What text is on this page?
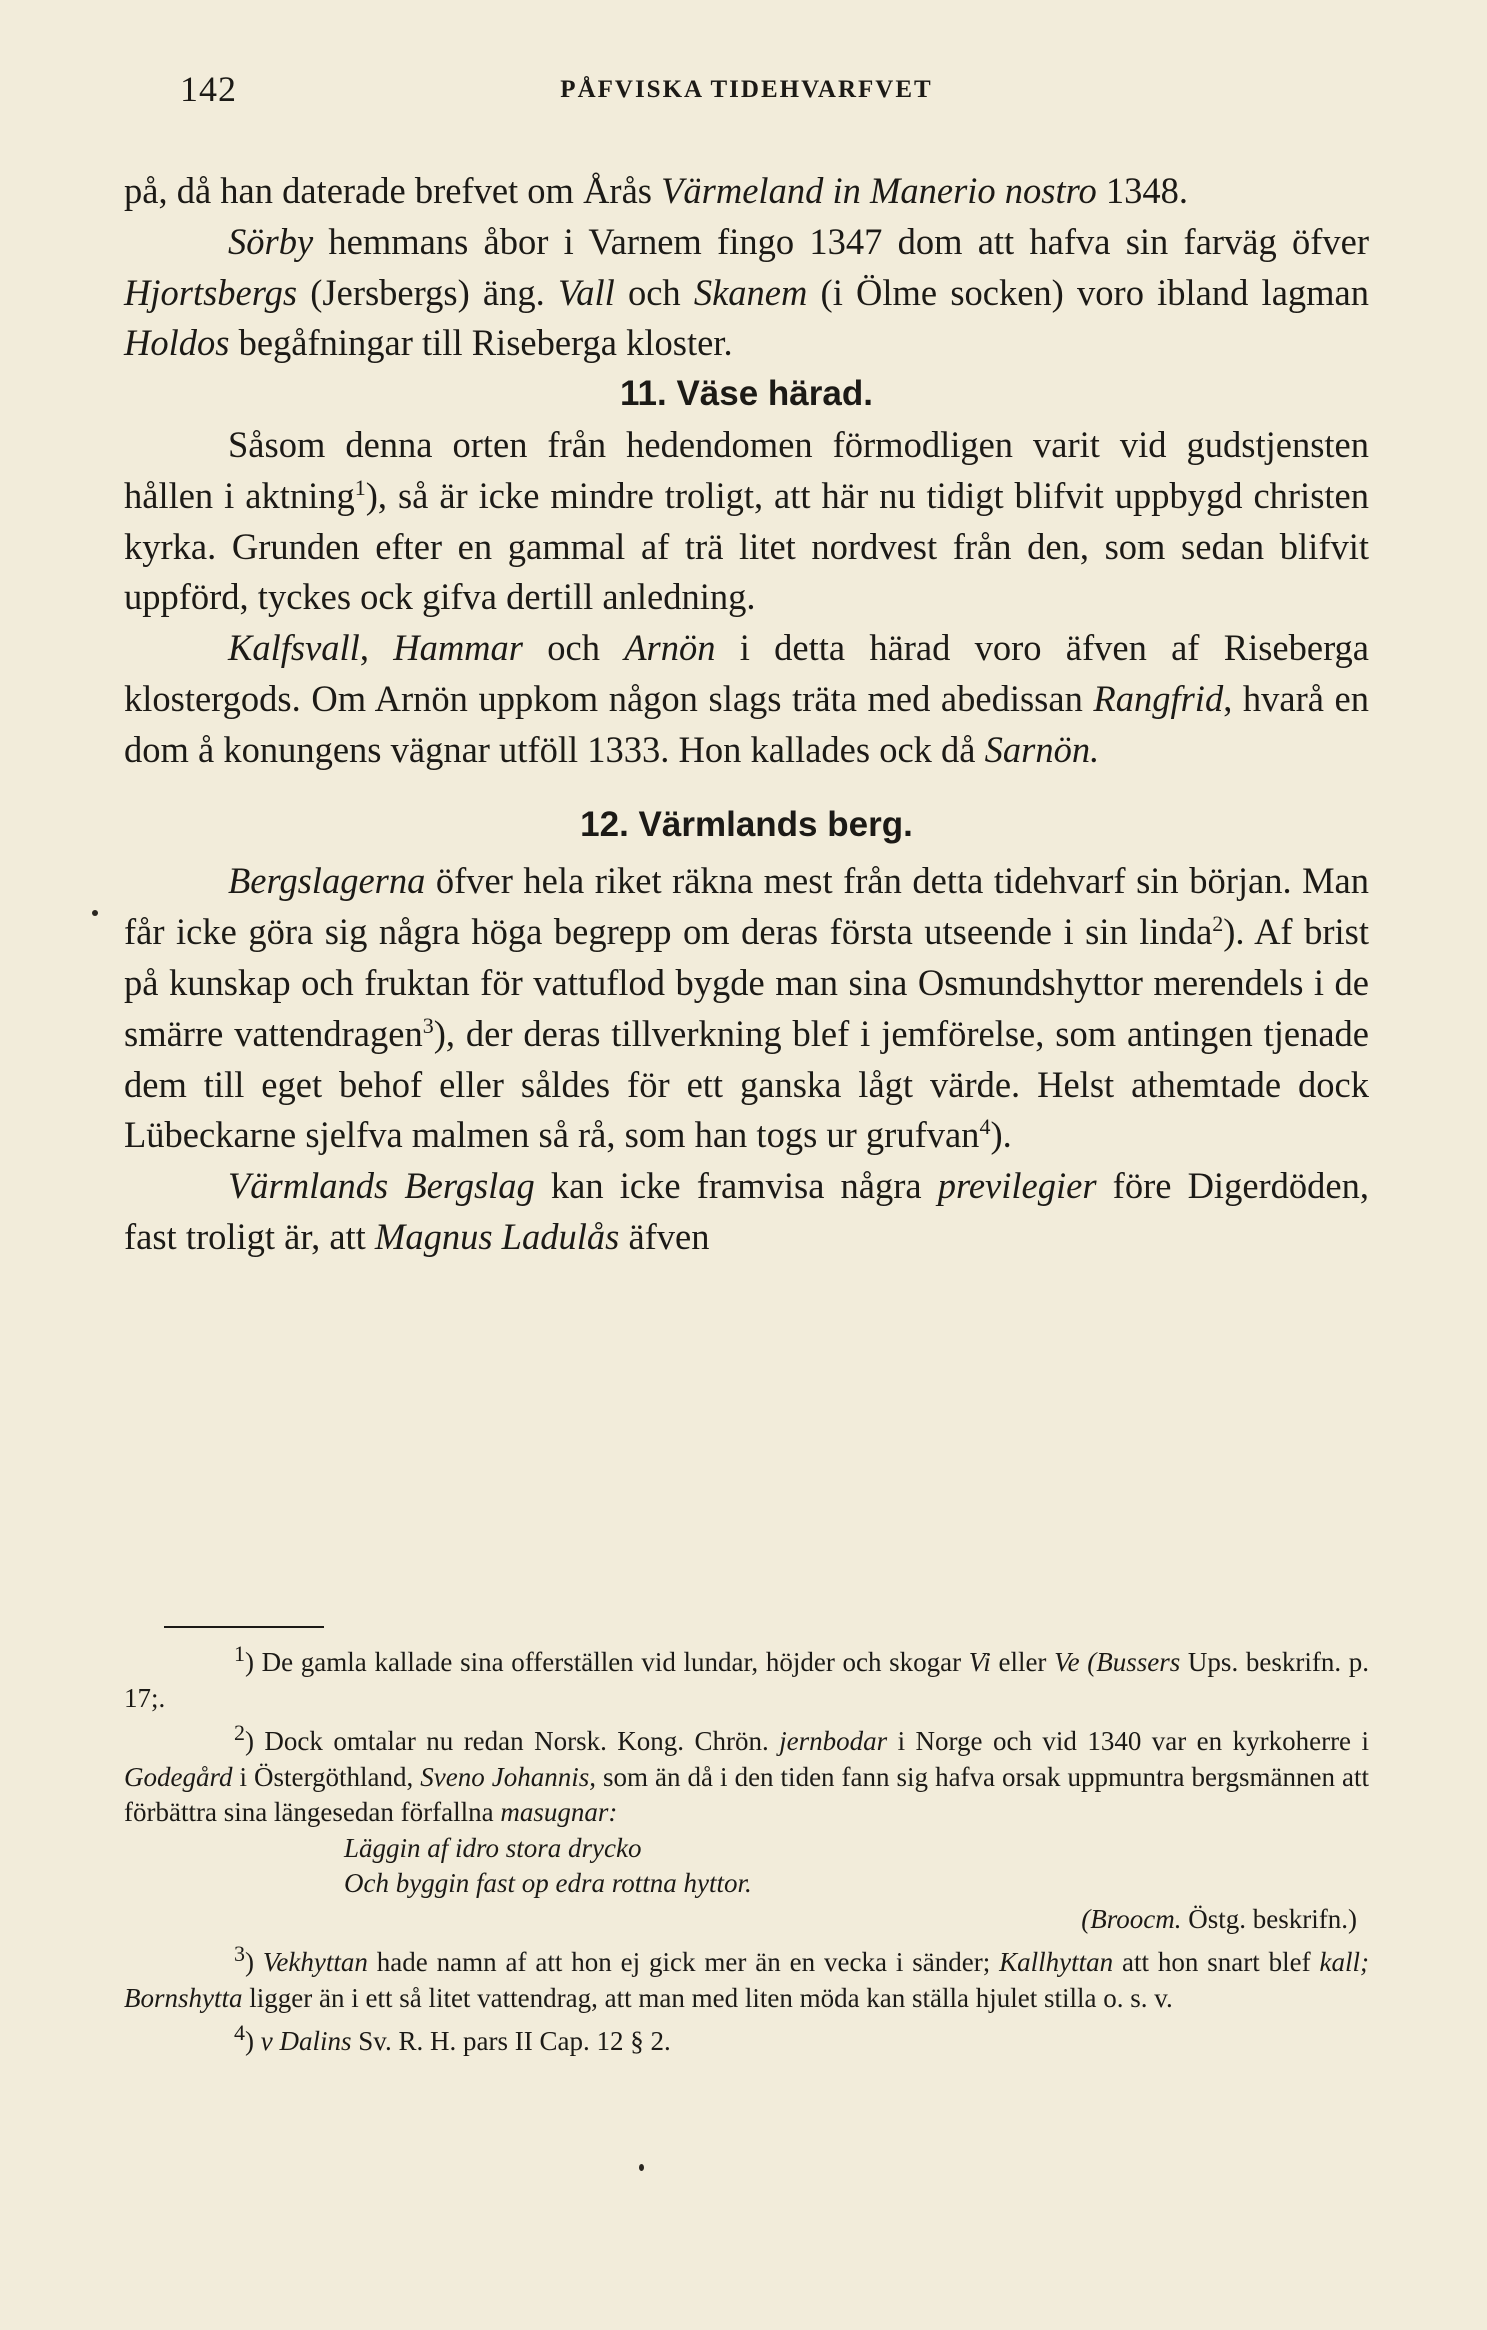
142	PÅFVISKA TIDEHVARFVET

på, då han daterade brefvet om Årås Värmeland in Manerio nostro 1348.

Sörby hemmans åbor i Varnem fingo 1347 dom att hafva sin farväg öfver Hjortsbergs (Jersbergs) äng. Vall och Skanem (i Ölme socken) voro ibland lagman Holdos begåfningar till Riseberga kloster.

11. Väse härad.

Såsom denna orten från hedendomen förmodligen varit vid gudstjensten hållen i aktning$^1$), så är icke mindre troligt, att här nu tidigt blifvit uppbygd christen kyrka. Grunden efter en gammal af trä litet nordvest från den, som sedan blifvit uppförd, tyckes ock gifva dertill anledning.

Kalfsvall, Hammar och Arnön i detta härad voro äfven af Riseberga klostergods. Om Arnön uppkom någon slags träta med abedissan Rangfrid, hvarå en dom å konungens vägnar utföll 1333. Hon kallades ock då Sarnön.

12. Värmlands berg.

Bergslagerna öfver hela riket räkna mest från detta tidehvarf sin början. Man får icke göra sig några höga begrepp om deras första utseende i sin linda$^2$). Af brist på kunskap och fruktan för vattuflod bygde man sina Osmundshyttor merendels i de smärre vattendragen$^3$), der deras tillverkning blef i jemförelse, som antingen tjenade dem till eget behof eller såldes för ett ganska lågt värde. Helst athemtade dock Lübeckarne sjelfva malmen så rå, som han togs ur grufvan$^4$).

Värmlands Bergslag kan icke framvisa några previlegier före Digerdöden, fast troligt är, att Magnus Ladulås äfven

$^1$) De gamla kallade sina offerställen vid lundar, höjder och skogar Vi eller Ve (Bussers Ups. beskrifn. p. 17;.

$^2$) Dock omtalar nu redan Norsk. Kong. Chrön. jernbodar i Norge och vid 1340 var en kyrkoherre i Godegård i Östergöthland, Sveno Johannis, som än då i den tiden fann sig hafva orsak uppmuntra bergsmännen att förbättra sina längesedan förfallna masugnar:

Läggin af idro stora drycko

Och byggin fast op edra rottna hyttor.

(Broocm. Östg. beskrifn.)

$^3$) Vekhyttan hade namn af att hon ej gick mer än en vecka i sänder; Kallhyttan att hon snart blef kall; Bornshytta ligger än i ett så litet vattendrag, att man med liten möda kan ställa hjulet stilla o. s. v.

$^4$) v Dalins Sv. R. H. pars II Cap. 12 § 2.
